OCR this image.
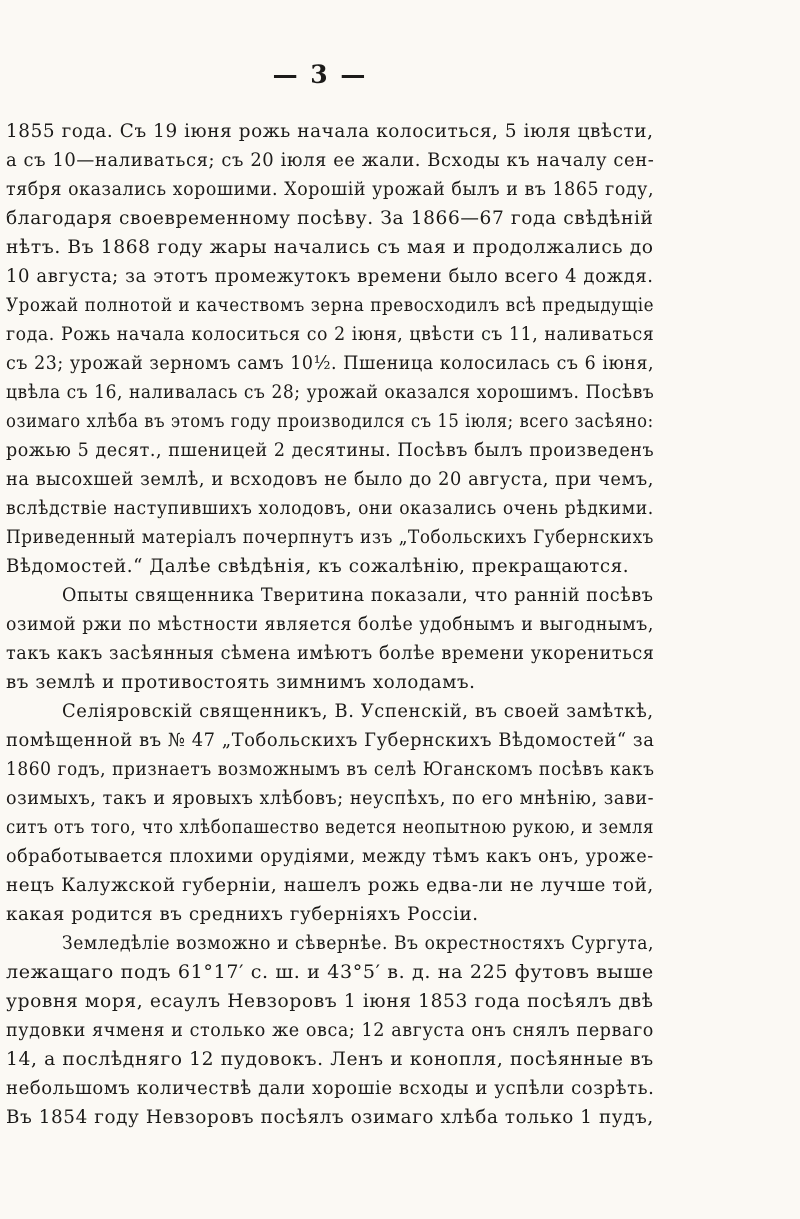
— 3 —
1855 года. Съ 19 іюня рожь начала колоситься, 5 іюля цвѣсти,
а съ 10—наливаться; съ 20 іюля ее жали. Всходы къ началу сен-
тября оказались хорошими. Хорошій урожай былъ и въ 1865 году,
благодаря своевременному посѣву. За 1866—67 года свѣдѣній
нѣтъ. Въ 1868 году жары начались съ мая и продолжались до
10 августа; за этотъ промежутокъ времени было всего 4 дождя.
Урожай полнотой и качествомъ зерна превосходилъ всѣ предыдущіе
года. Рожь начала колоситься со 2 іюня, цвѣсти съ 11, наливаться
съ 23; урожай зерномъ самъ 10½. Пшеница колосилась съ 6 іюня,
цвѣла съ 16, наливалась съ 28; урожай оказался хорошимъ. Посѣвъ
озимаго хлѣба въ этомъ году производился съ 15 іюля; всего засѣяно:
рожью 5 десят., пшеницей 2 десятины. Посѣвъ былъ произведенъ
на высохшей землѣ, и всходовъ не было до 20 августа, при чемъ,
вслѣдствіе наступившихъ холодовъ, они оказались очень рѣдкими.
Приведенный матеріалъ почерпнутъ изъ „Тобольскихъ Губернскихъ
Вѣдомостей.“ Далѣе свѣдѣнія, къ сожалѣнію, прекращаются.
Опыты священника Тверитина показали, что ранній посѣвъ
озимой ржи по мѣстности является болѣе удобнымъ и выгоднымъ,
такъ какъ засѣянныя сѣмена имѣютъ болѣе времени укорениться
въ землѣ и противостоять зимнимъ холодамъ.
Селіяровскій священникъ, В. Успенскій, въ своей замѣткѣ,
помѣщенной въ № 47 „Тобольскихъ Губернскихъ Вѣдомостей“ за
1860 годъ, признаетъ возможнымъ въ селѣ Юганскомъ посѣвъ какъ
озимыхъ, такъ и яровыхъ хлѣбовъ; неуспѣхъ, по его мнѣнію, зави-
ситъ отъ того, что хлѣбопашество ведется неопытною рукою, и земля
обработывается плохими орудіями, между тѣмъ какъ онъ, уроже-
нецъ Калужской губерніи, нашелъ рожь едва-ли не лучше той,
какая родится въ среднихъ губерніяхъ Россіи.
Земледѣліе возможно и сѣвернѣе. Въ окрестностяхъ Сургута,
лежащаго подъ 61°17′ с. ш. и 43°5′ в. д. на 225 футовъ выше
уровня моря, есаулъ Невзоровъ 1 іюня 1853 года посѣялъ двѣ
пудовки ячменя и столько же овса; 12 августа онъ снялъ перваго
14, а послѣдняго 12 пудовокъ. Ленъ и конопля, посѣянные въ
небольшомъ количествѣ дали хорошіе всходы и успѣли созрѣть.
Въ 1854 году Невзоровъ посѣялъ озимаго хлѣба только 1 пудъ,
